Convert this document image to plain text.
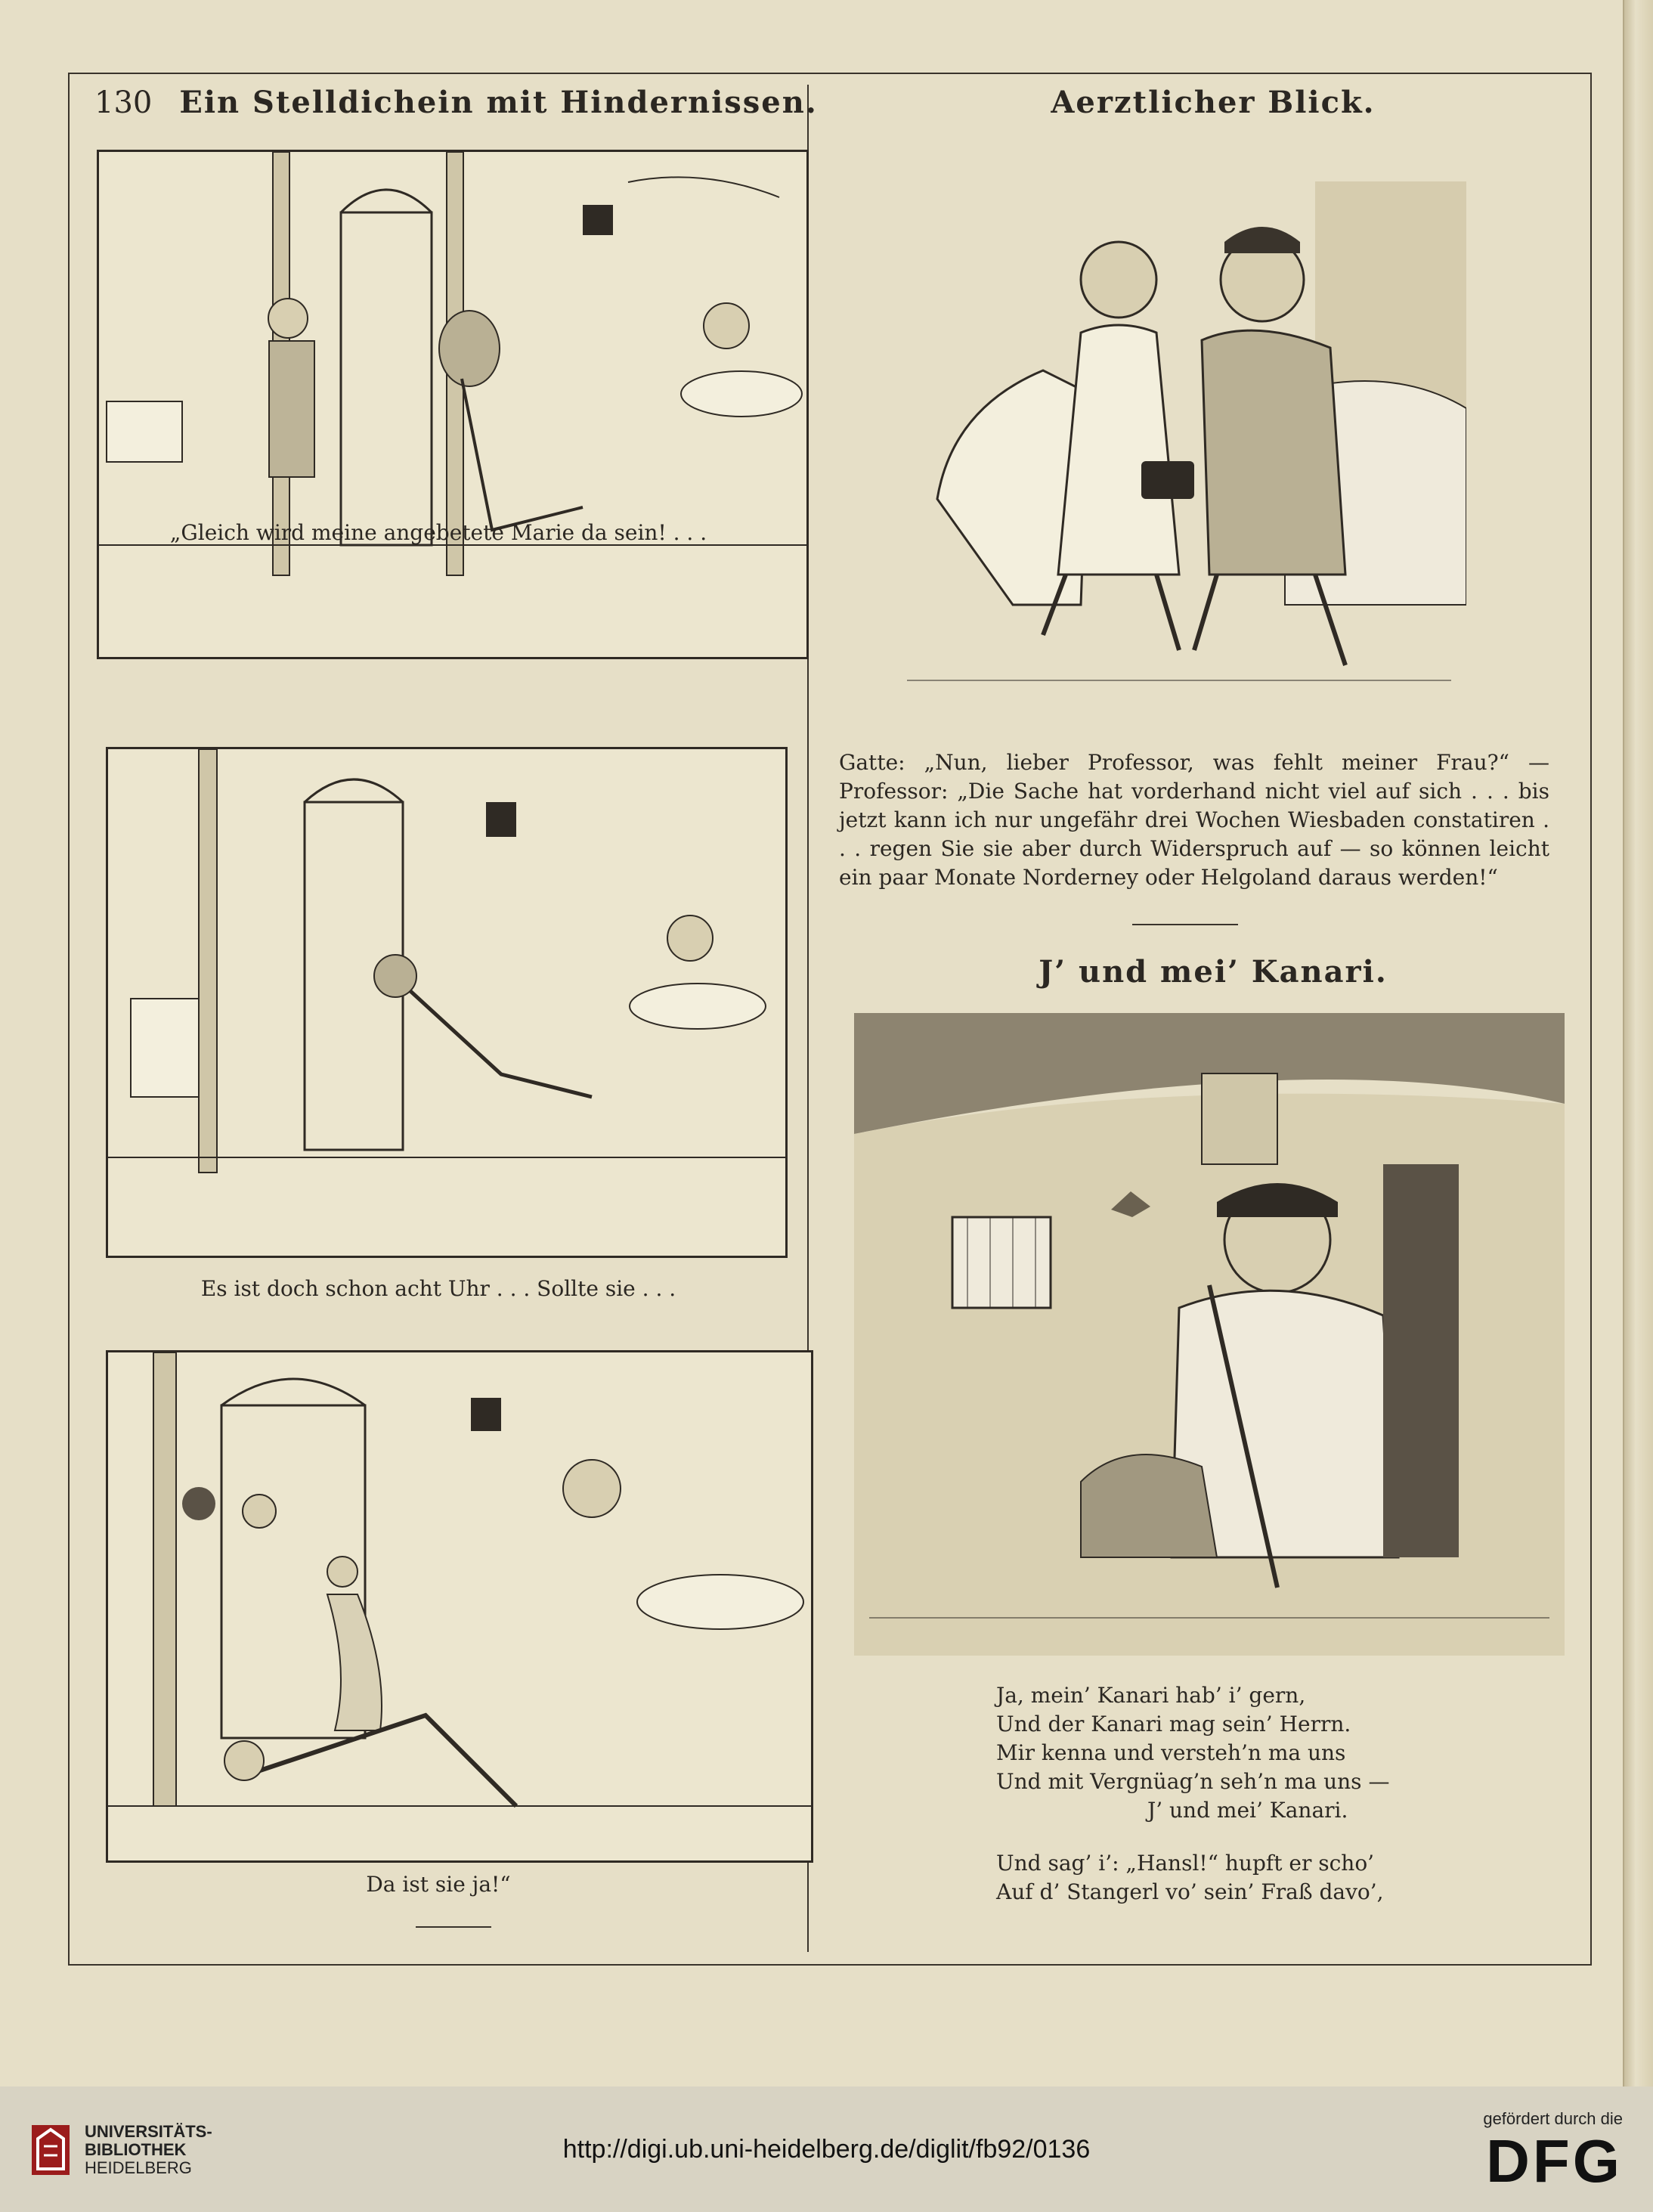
130 Ein Stelldichein mit Hindernissen.	Aerztlicher Blick.
„Gleich wird meine angebetete Marie da sein! . . .
Es ist doch schon acht Uhr . . . Sollte sie . . .
Da ist sie ja!“

Gatte: „Nun, lieber Professor, was fehlt meiner Frau?“ — Professor: „Die Sache hat vorderhand nicht viel auf sich . . . bis jetzt kann ich nur ungefähr drei Wochen Wiesbaden constatiren . . . regen Sie sie aber durch Widerspruch auf — so können leicht ein paar Monate Norderney oder Helgoland daraus werden!“

J’ und mei’ Kanari.
Ja, mein’ Kanari hab’ i’ gern,
Und der Kanari mag sein’ Herrn.
Mir kenna und versteh’n ma uns
Und mit Vergnüag’n seh’n ma uns —
J’ und mei’ Kanari.
Und sag’ i’: „Hansl!“ hupft er scho’
Auf d’ Stangerl vo’ sein’ Fraß davo’,
UNIVERSITÄTS-
BIBLIOTHEK
HEIDELBERG
http://digi.ub.uni-heidelberg.de/diglit/fb92/0136
gefördert durch die
DFG
